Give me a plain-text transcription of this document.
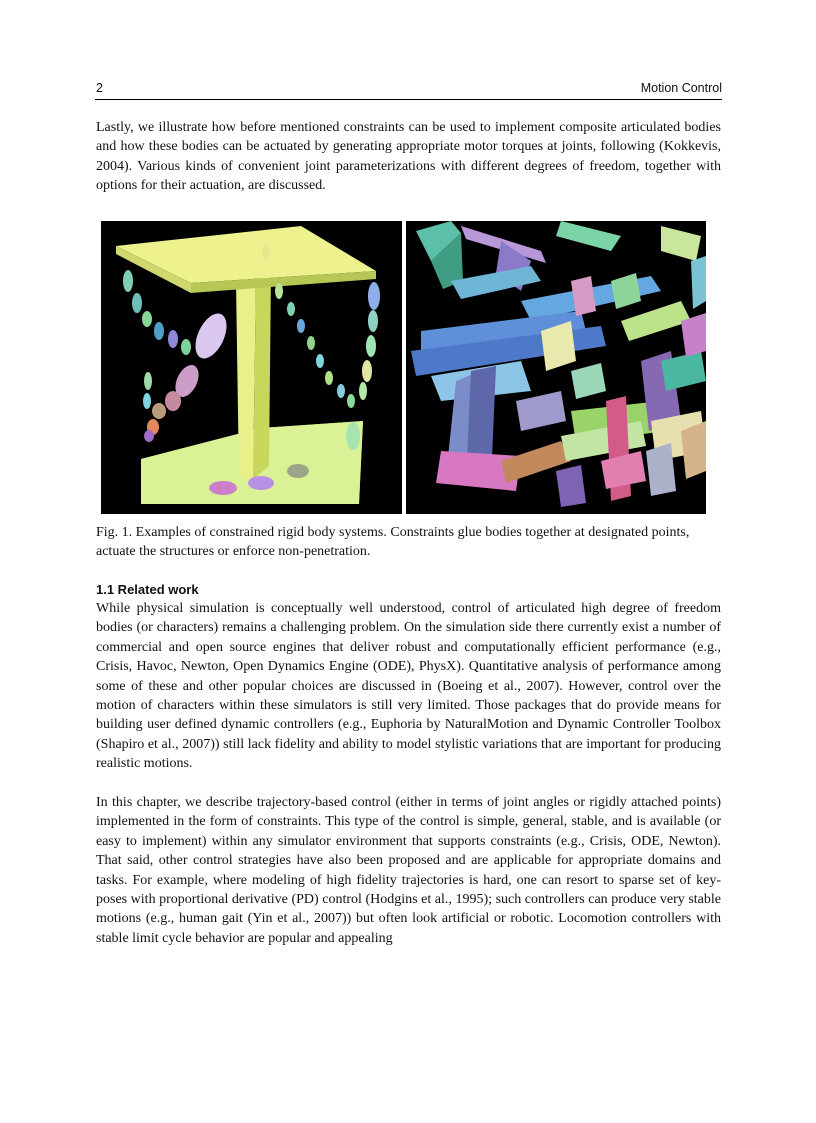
2	Motion Control

Lastly, we illustrate how before mentioned constraints can be used to implement composite articulated bodies and how these bodies can be actuated by generating appropriate motor torques at joints, following (Kokkevis, 2004). Various kinds of convenient joint parameterizations with different degrees of freedom, together with options for their actuation, are discussed.

Fig. 1. Examples of constrained rigid body systems. Constraints glue bodies together at designated points, actuate the structures or enforce non-penetration.

1.1 Related work

While physical simulation is conceptually well understood, control of articulated high degree of freedom bodies (or characters) remains a challenging problem. On the simulation side there currently exist a number of commercial and open source engines that deliver robust and computationally efficient performance (e.g., Crisis, Havoc, Newton, Open Dynamics Engine (ODE), PhysX). Quantitative analysis of performance among some of these and other popular choices are discussed in (Boeing et al., 2007). However, control over the motion of characters within these simulators is still very limited. Those packages that do provide means for building user defined dynamic controllers (e.g., Euphoria by NaturalMotion and Dynamic Controller Toolbox (Shapiro et al., 2007)) still lack fidelity and ability to model stylistic variations that are important for producing realistic motions.

In this chapter, we describe trajectory-based control (either in terms of joint angles or rigidly attached points) implemented in the form of constraints. This type of the control is simple, general, stable, and is available (or easy to implement) within any simulator environment that supports constraints (e.g., Crisis, ODE, Newton). That said, other control strategies have also been proposed and are applicable for appropriate domains and tasks. For example, where modeling of high fidelity trajectories is hard, one can resort to sparse set of key-poses with proportional derivative (PD) control (Hodgins et al., 1995); such controllers can produce very stable motions (e.g., human gait (Yin et al., 2007)) but often look artificial or robotic. Locomotion controllers with stable limit cycle behavior are popular and appealing
